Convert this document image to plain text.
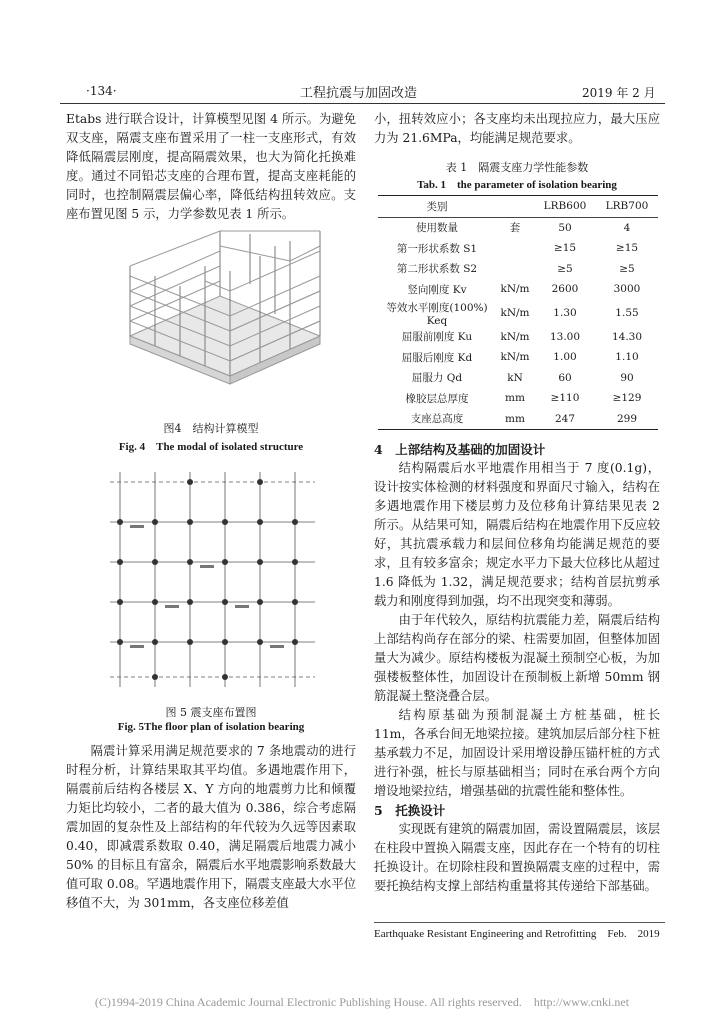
·134·	工程抗震与加固改造	2019 年 2 月

Etabs 进行联合设计，计算模型见图 4 所示。为避免双支座，隔震支座布置采用了一柱一支座形式，有效降低隔震层刚度，提高隔震效果，也大为简化托换难度。通过不同铅芯支座的合理布置，提高支座耗能的同时，也控制隔震层偏心率，降低结构扭转效应。支座布置见图 5 示，力学参数见表 1 所示。

图4　结构计算模型
Fig. 4　The modal of isolated structure
图 5 震支座布置图
Fig. 5The floor plan of isolation bearing

隔震计算采用满足规范要求的 7 条地震动的进行时程分析，计算结果取其平均值。多遇地震作用下，隔震前后结构各楼层 X、Y 方向的地震剪力比和倾覆力矩比均较小，二者的最大值为 0.386，综合考虑隔震加固的复杂性及上部结构的年代较为久远等因素取 0.40，即减震系数取 0.40，满足隔震后地震力减小 50% 的目标且有富余，隔震后水平地震影响系数最大值可取 0.08。罕遇地震作用下，隔震支座最大水平位移值不大，为 301mm，各支座位移差值

小，扭转效应小；各支座均未出现拉应力，最大压应力为 21.6MPa，均能满足规范要求。

表 1　隔震支座力学性能参数
Tab. 1　the parameter of isolation bearing
类别		LRB600	LRB700
使用数量	套	50	4
第一形状系数 S1		≥15	≥15
第二形状系数 S2		≥5	≥5
竖向刚度 Kv	kN/m	2600	3000
等效水平刚度(100%) Keq	kN/m	1.30	1.55
屈服前刚度 Ku	kN/m	13.00	14.30
屈服后刚度 Kd	kN/m	1.00	1.10
屈服力 Qd	kN	60	90
橡胶层总厚度	mm	≥110	≥129
支座总高度	mm	247	299

4　上部结构及基础的加固设计

结构隔震后水平地震作用相当于 7 度(0.1g)，设计按实体检测的材料强度和界面尺寸输入，结构在多遇地震作用下楼层剪力及位移角计算结果见表 2 所示。从结果可知，隔震后结构在地震作用下反应较好，其抗震承载力和层间位移角均能满足规范的要求，且有较多富余；规定水平力下最大位移比从超过 1.6 降低为 1.32，满足规范要求；结构首层抗剪承载力和刚度得到加强，均不出现突变和薄弱。

由于年代较久，原结构抗震能力差，隔震后结构上部结构尚存在部分的梁、柱需要加固，但整体加固量大为减少。原结构楼板为混凝土预制空心板，为加强楼板整体性，加固设计在预制板上新增 50mm 钢筋混凝土整浇叠合层。

结构原基础为预制混凝土方桩基础，桩长 11m，各承台间无地梁拉接。建筑加层后部分柱下桩基承载力不足，加固设计采用增设静压锚杆桩的方式进行补强，桩长与原基础相当；同时在承台两个方向增设地梁拉结，增强基础的抗震性能和整体性。

5　托换设计

实现既有建筑的隔震加固，需设置隔震层，该层在柱段中置换入隔震支座，因此存在一个特有的切柱托换设计。在切除柱段和置换隔震支座的过程中，需要托换结构支撑上部结构重量将其传递给下部基础。

Earthquake Resistant Engineering and Retrofitting　Feb.　2019
(C)1994-2019 China Academic Journal Electronic Publishing House. All rights reserved.　http://www.cnki.net
